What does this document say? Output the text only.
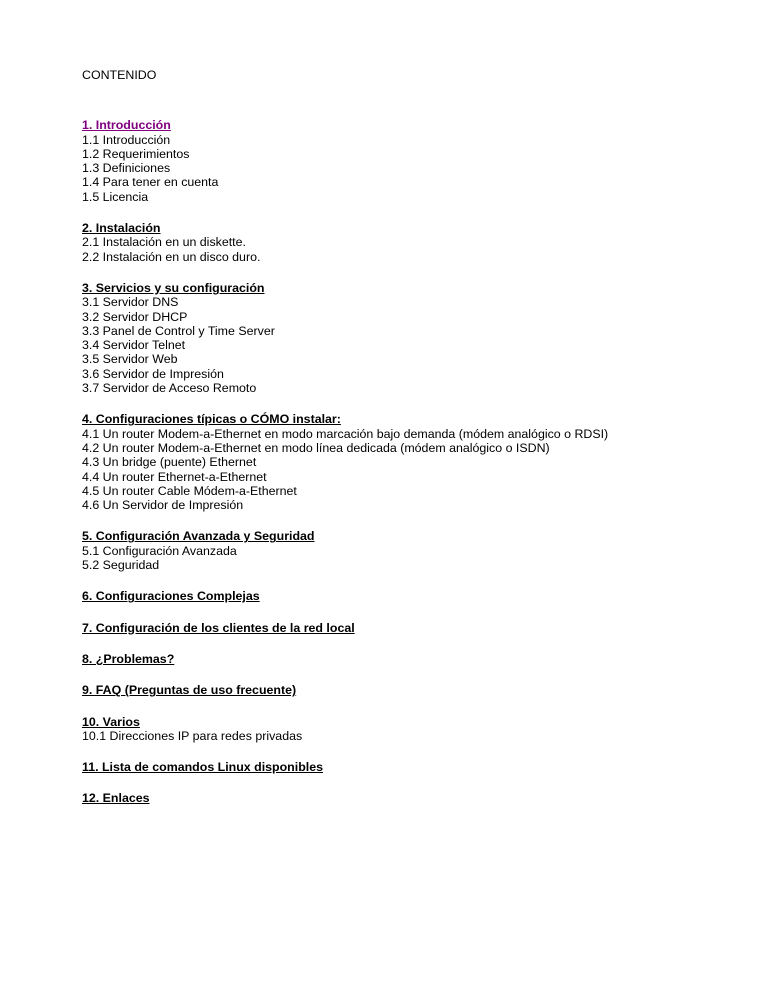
CONTENIDO
1. Introducción
1.1 Introducción
1.2 Requerimientos
1.3 Definiciones
1.4 Para tener en cuenta
1.5 Licencia
2. Instalación
2.1 Instalación en un diskette.
2.2 Instalación en un disco duro.
3. Servicios y su configuración
3.1 Servidor DNS
3.2 Servidor DHCP
3.3 Panel de Control y Time Server
3.4 Servidor Telnet
3.5 Servidor Web
3.6 Servidor de Impresión
3.7 Servidor de Acceso Remoto
4. Configuraciones típicas o CÓMO instalar:
4.1 Un router Modem-a-Ethernet en modo marcación bajo demanda (módem analógico o RDSI)
4.2 Un router Modem-a-Ethernet en modo línea dedicada (módem analógico o ISDN)
4.3 Un bridge (puente) Ethernet
4.4 Un router Ethernet-a-Ethernet
4.5 Un router Cable Módem-a-Ethernet
4.6 Un Servidor de Impresión
5. Configuración Avanzada y Seguridad
5.1 Configuración Avanzada
5.2 Seguridad
6. Configuraciones Complejas
7. Configuración de los clientes de la red local
8. ¿Problemas?
9. FAQ (Preguntas de uso frecuente)
10. Varios
10.1 Direcciones IP para redes privadas
11. Lista de comandos Linux disponibles
12. Enlaces
